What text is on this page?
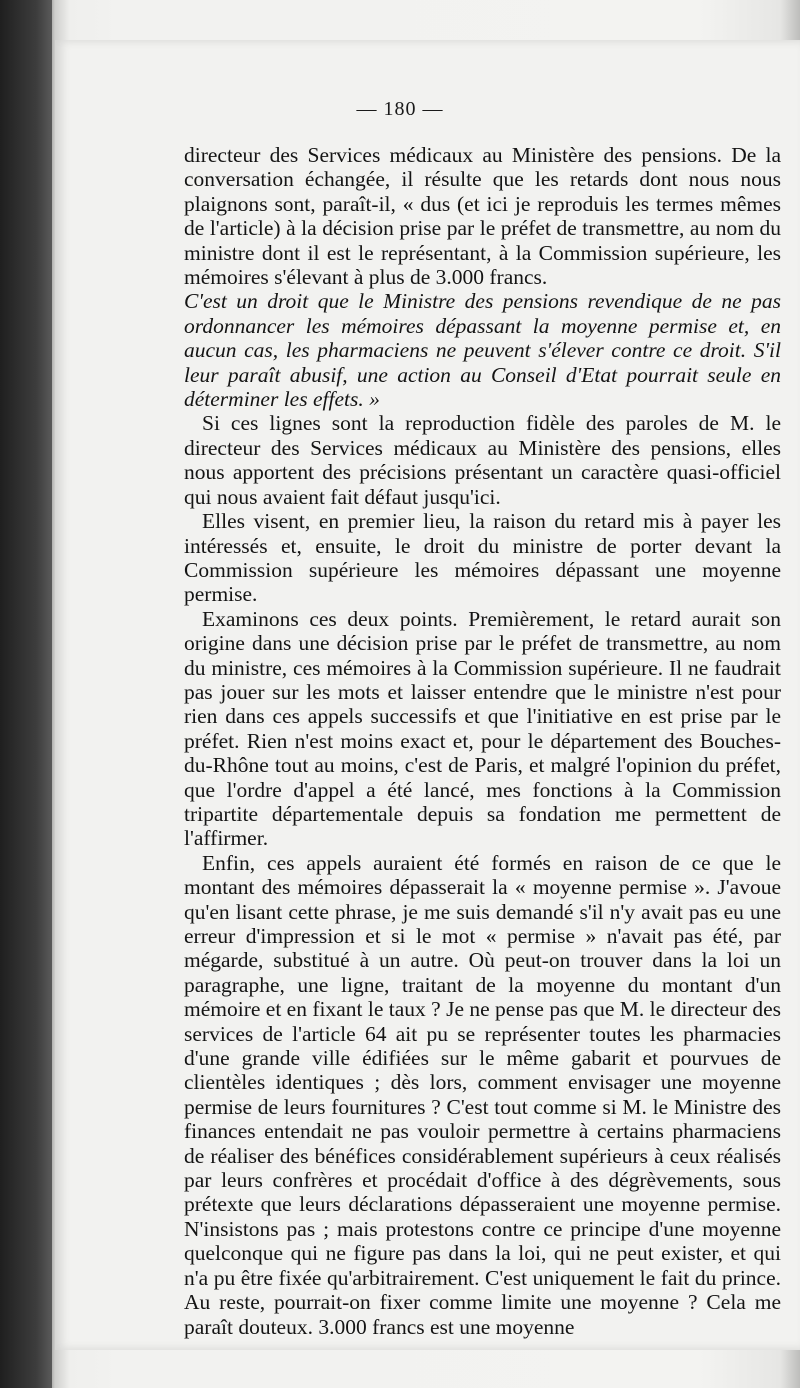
— 180 —

directeur des Services médicaux au Ministère des pensions. De la conversation échangée, il résulte que les retards dont nous nous plaignons sont, paraît-il, « dus (et ici je reproduis les termes mêmes de l'article) à la décision prise par le préfet de transmettre, au nom du ministre dont il est le représentant, à la Commission supérieure, les mémoires s'élevant à plus de 3.000 francs.

C'est un droit que le Ministre des pensions revendique de ne pas ordonnancer les mémoires dépassant la moyenne permise et, en aucun cas, les pharmaciens ne peuvent s'élever contre ce droit. S'il leur paraît abusif, une action au Conseil d'Etat pourrait seule en déterminer les effets. »

Si ces lignes sont la reproduction fidèle des paroles de M. le directeur des Services médicaux au Ministère des pensions, elles nous apportent des précisions présentant un caractère quasi-officiel qui nous avaient fait défaut jusqu'ici.

Elles visent, en premier lieu, la raison du retard mis à payer les intéressés et, ensuite, le droit du ministre de porter devant la Commission supérieure les mémoires dépassant une moyenne permise.

Examinons ces deux points. Premièrement, le retard aurait son origine dans une décision prise par le préfet de transmettre, au nom du ministre, ces mémoires à la Commission supérieure. Il ne faudrait pas jouer sur les mots et laisser entendre que le ministre n'est pour rien dans ces appels successifs et que l'initiative en est prise par le préfet. Rien n'est moins exact et, pour le département des Bouches-du-Rhône tout au moins, c'est de Paris, et malgré l'opinion du préfet, que l'ordre d'appel a été lancé, mes fonctions à la Commission tripartite départementale depuis sa fondation me permettent de l'affirmer.

Enfin, ces appels auraient été formés en raison de ce que le montant des mémoires dépasserait la « moyenne permise ». J'avoue qu'en lisant cette phrase, je me suis demandé s'il n'y avait pas eu une erreur d'impression et si le mot « permise » n'avait pas été, par mégarde, substitué à un autre. Où peut-on trouver dans la loi un paragraphe, une ligne, traitant de la moyenne du montant d'un mémoire et en fixant le taux ? Je ne pense pas que M. le directeur des services de l'article 64 ait pu se représenter toutes les pharmacies d'une grande ville édifiées sur le même gabarit et pourvues de clientèles identiques ; dès lors, comment envisager une moyenne permise de leurs fournitures ? C'est tout comme si M. le Ministre des finances entendait ne pas vouloir permettre à certains pharmaciens de réaliser des bénéfices considérablement supérieurs à ceux réalisés par leurs confrères et procédait d'office à des dégrèvements, sous prétexte que leurs déclarations dépasseraient une moyenne permise. N'insistons pas ; mais protestons contre ce principe d'une moyenne quelconque qui ne figure pas dans la loi, qui ne peut exister, et qui n'a pu être fixée qu'arbitrairement. C'est uniquement le fait du prince. Au reste, pourrait-on fixer comme limite une moyenne ? Cela me paraît douteux. 3.000 francs est une moyenne
